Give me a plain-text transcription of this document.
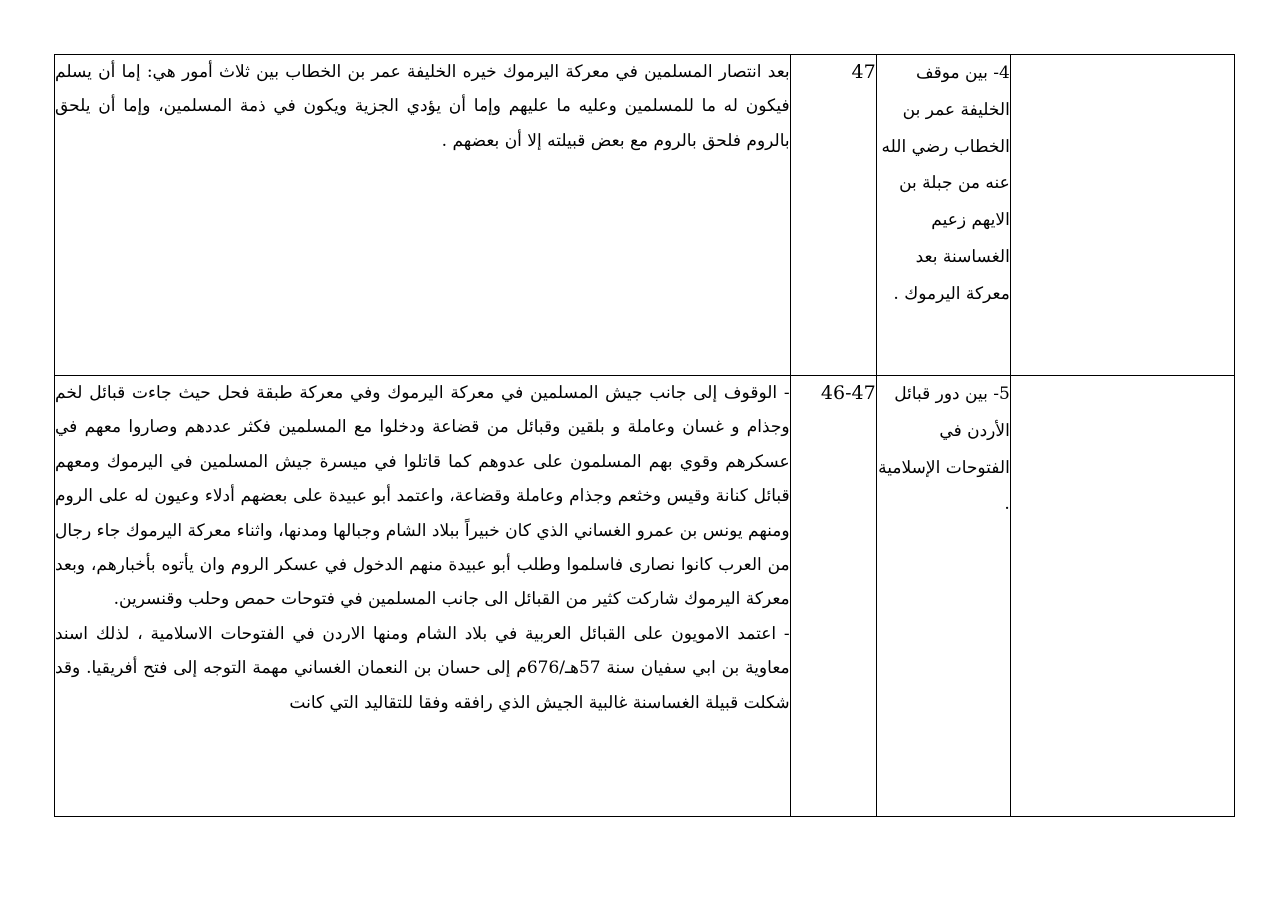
	4- بين موقف الخليفة عمر بن الخطاب رضي الله عنه من جبلة بن الايهم زعيم الغساسنة بعد معركة اليرموك .	47	بعد انتصار المسلمين في معركة اليرموك خيره الخليفة عمر بن الخطاب بين ثلاث أمور هي: إما أن يسلم فيكون له ما للمسلمين وعليه ما عليهم وإما أن يؤدي الجزية ويكون في ذمة المسلمين، وإما أن يلحق بالروم فلحق بالروم مع بعض قبيلته إلا أن بعضهم .

	5- بين دور قبائل الأردن في الفتوحات الإسلامية .	46-47	- الوقوف إلى جانب جيش المسلمين في معركة اليرموك وفي معركة طبقة فحل حيث جاءت قبائل لخم وجذام و غسان وعاملة و بلقين وقبائل من قضاعة ودخلوا مع المسلمين فكثر عددهم وصاروا معهم في عسكرهم وقوي بهم المسلمون على عدوهم كما قاتلوا في ميسرة جيش المسلمين في اليرموك ومعهم قبائل كنانة وقيس وخثعم وجذام وعاملة وقضاعة، واعتمد أبو عبيدة على بعضهم أدلاء وعيون له على الروم ومنهم يونس بن عمرو الغساني الذي كان خبيراً ببلاد الشام وجبالها ومدنها، واثناء معركة اليرموك جاء رجال من العرب كانوا نصارى فاسلموا وطلب أبو عبيدة منهم الدخول في عسكر الروم وان يأتوه بأخبارهم، وبعد معركة اليرموك شاركت كثير من القبائل الى جانب المسلمين في فتوحات حمص وحلب وقنسرين.

- اعتمد الامويون على القبائل العربية في بلاد الشام ومنها الاردن في الفتوحات الاسلامية ، لذلك اسند معاوية بن ابي سفيان سنة 57هـ/676م إلى حسان بن النعمان الغساني مهمة التوجه إلى فتح أفريقيا. وقد شكلت قبيلة الغساسنة غالبية الجيش الذي رافقه وفقا للتقاليد التي كانت
